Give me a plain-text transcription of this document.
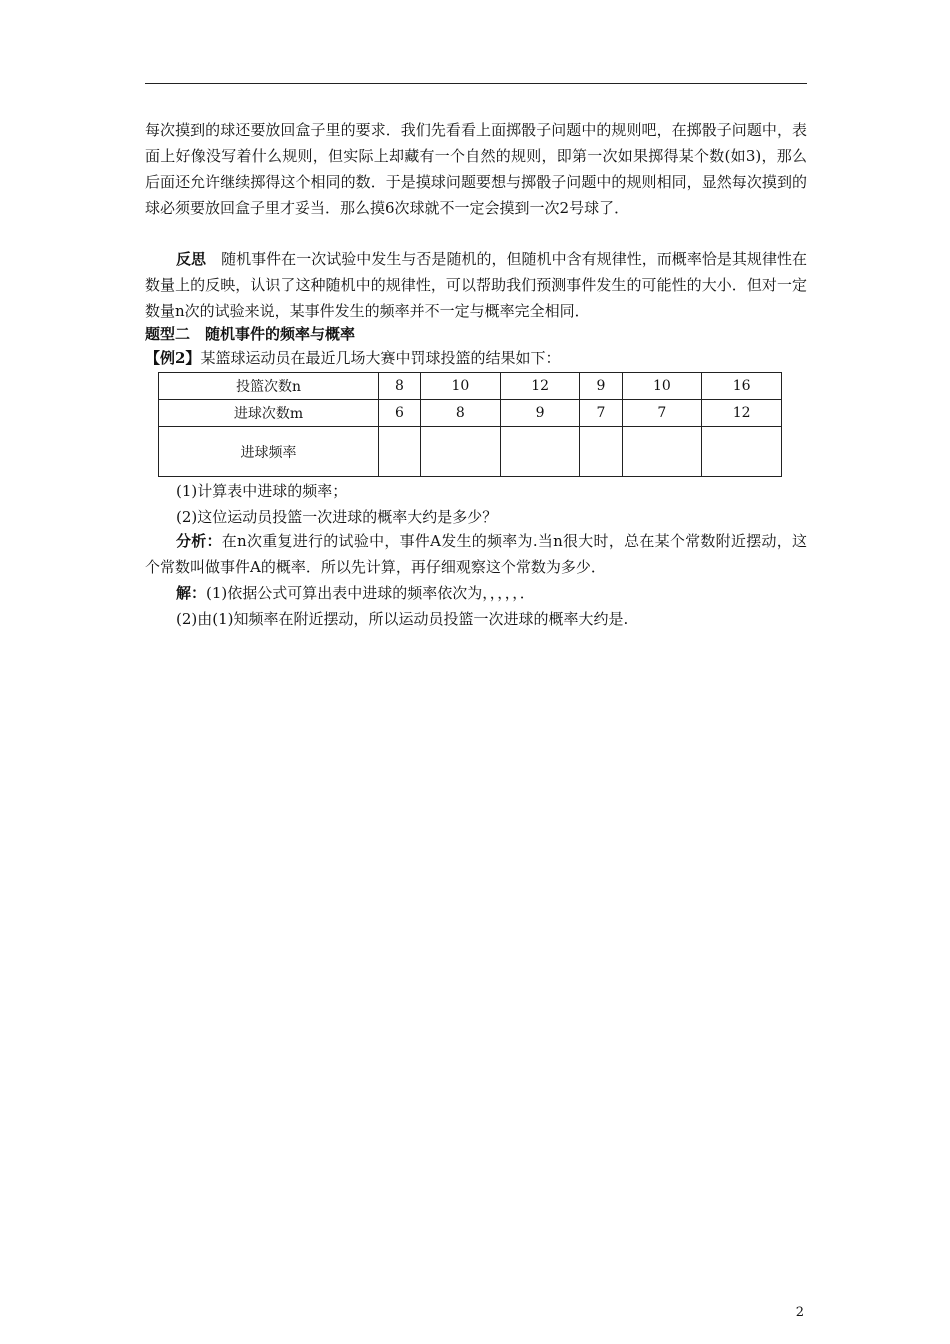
每次摸到的球还要放回盒子里的要求．我们先看看上面掷骰子问题中的规则吧，在掷骰子问题中，表面上好像没写着什么规则，但实际上却藏有一个自然的规则，即第一次如果掷得某个数(如3)，那么后面还允许继续掷得这个相同的数．于是摸球问题要想与掷骰子问题中的规则相同，显然每次摸到的球必须要放回盒子里才妥当．那么摸6次球就不一定会摸到一次2号球了．

反思　随机事件在一次试验中发生与否是随机的，但随机中含有规律性，而概率恰是其规律性在数量上的反映，认识了这种随机中的规律性，可以帮助我们预测事件发生的可能性的大小．但对一定数量n次的试验来说，某事件发生的频率并不一定与概率完全相同．

题型二　随机事件的频率与概率
【例2】某篮球运动员在最近几场大赛中罚球投篮的结果如下：
投篮次数n	8	10	12	9	10	16
进球次数m	6	8	9	7	7	12
进球频率						
(1)计算表中进球的频率；
(2)这位运动员投篮一次进球的概率大约是多少？

分析：在n次重复进行的试验中，事件A发生的频率为.当n很大时，总在某个常数附近摆动，这个常数叫做事件A的概率．所以先计算，再仔细观察这个常数为多少．

解：(1)依据公式可算出表中进球的频率依次为，，，，，．
(2)由(1)知频率在附近摆动，所以运动员投篮一次进球的概率大约是.
2
